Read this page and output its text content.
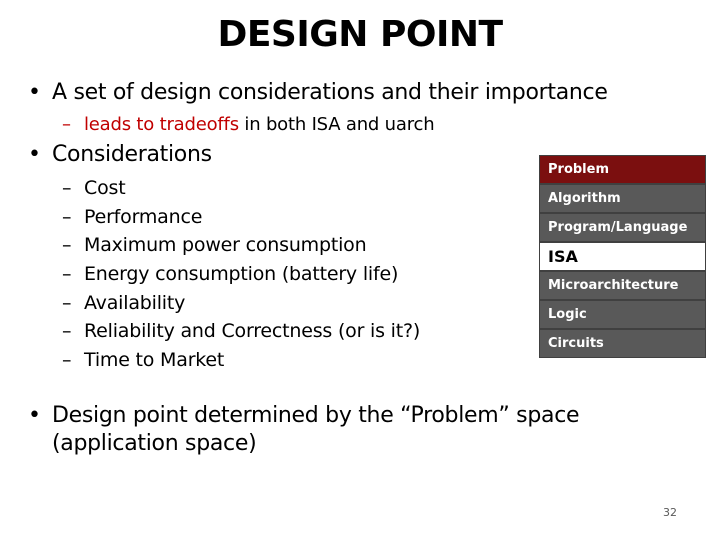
DESIGN POINT
• A set of design considerations and their importance
– leads to tradeoffs in both ISA and uarch
• Considerations
– Cost
– Performance
– Maximum power consumption
– Energy consumption (battery life)
– Availability
– Reliability and Correctness (or is it?)
– Time to Market
Problem
Algorithm
Program/Language
ISA
Microarchitecture
Logic
Circuits
• Design point determined by the “Problem” space
(application space)
32
